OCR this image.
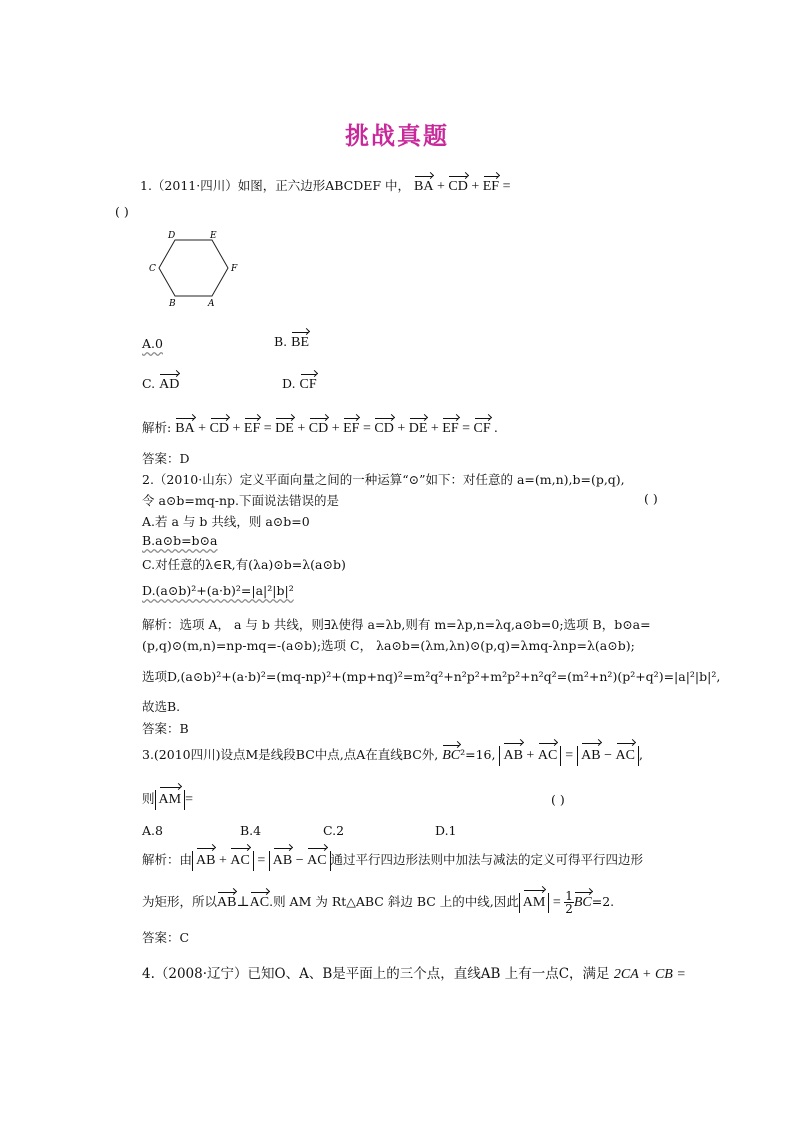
挑战真题
1.（2011·四川）如图，正六边形ABCDEF 中， BA + CD + EF =
( )
D	E
C	F
B	A
A.0	B. BE
C. AD	D. CF
解析: BA + CD + EF = DE + CD + EF = CD + DE + EF = CF .
答案：D
2.（2010·山东）定义平面向量之间的一种运算“⊙”如下：对任意的 a=(m,n),b=(p,q),
令 a⊙b=mq-np.下面说法错误的是	( )
A.若 a 与 b 共线，则 a⊙b=0
B.a⊙b=b⊙a
C.对任意的λ∈R,有(λa)⊙b=λ(a⊙b)
D.(a⊙b)²+(a·b)²=|a|²|b|²
解析：选项 A， a 与 b 共线，则∃λ使得 a=λb,则有 m=λp,n=λq,a⊙b=0;选项 B，b⊙a=
(p,q)⊙(m,n)=np-mq=-(a⊙b);选项 C， λa⊙b=(λm,λn)⊙(p,q)=λmq-λnp=λ(a⊙b);
选项D,(a⊙b)²+(a·b)²=(mq-np)²+(mp+nq)²=m²q²+n²p²+m²p²+n²q²=(m²+n²)(p²+q²)=|a|²|b|²,
故选B.
答案：B
3.(2010四川)设点M是线段BC中点,点A在直线BC外, BC²=16, AB + AC = AB − AC ,
则 AM =	( )
A.8	B.4	C.2	D.1
解析：由 AB + AC = AB − AC 通过平行四边形法则中加法与减法的定义可得平行四边形
为矩形，所以AB⊥AC.则 AM 为 Rt△ABC 斜边 BC 上的中线,因此 AM = $\frac{1}{2} BC=2$.
答案：C
4.（2008·辽宁）已知O、A、B是平面上的三个点，直线AB 上有一点C，满足 2CA + CB =
